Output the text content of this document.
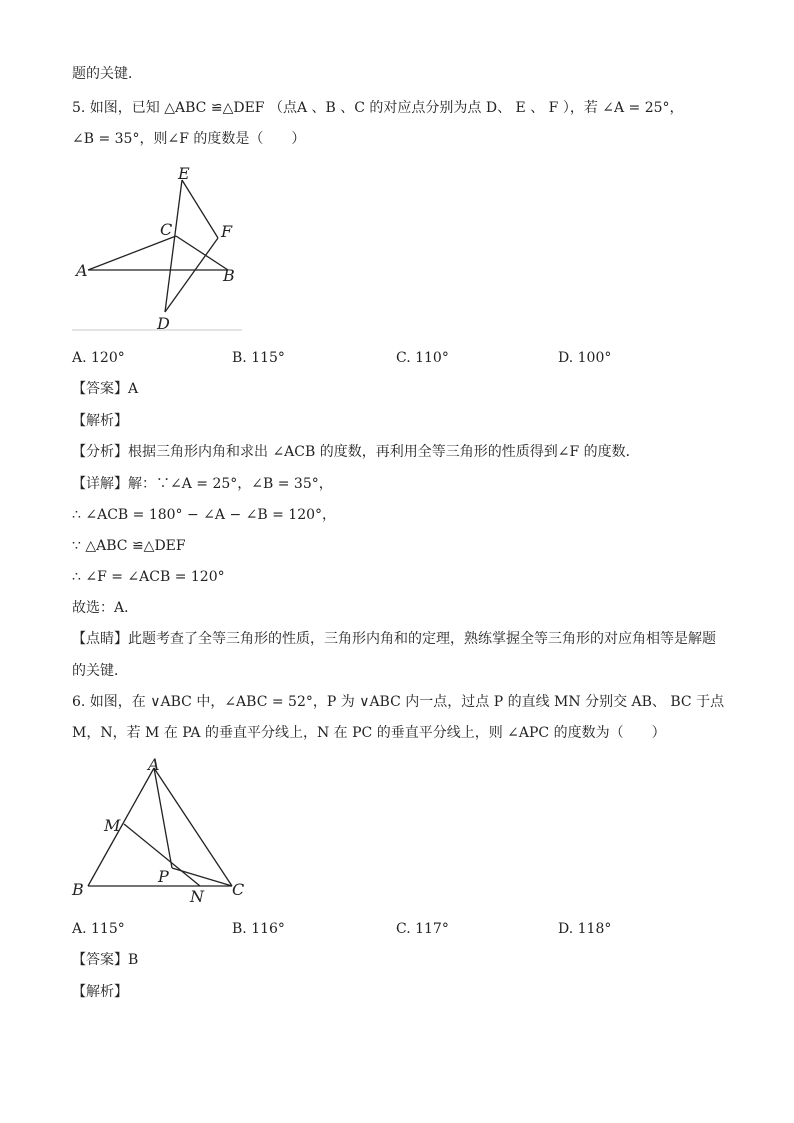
题的关键．
5. 如图，已知 △ABC ≌△DEF （点A 、B 、C 的对应点分别为点 D、 E 、 F ），若 ∠A = 25°，
∠B = 35°，则∠F 的度数是（　　）
E
C	F
A	B
D
A. 120°	B. 115°	C. 110°	D. 100°
【答案】A
【解析】
【分析】根据三角形内角和求出 ∠ACB 的度数，再利用全等三角形的性质得到∠F 的度数．
【详解】解：∵∠A = 25°，∠B = 35°，
∴ ∠ACB = 180° − ∠A − ∠B = 120°，
∵ △ABC ≌△DEF
∴ ∠F = ∠ACB = 120°
故选：A．
【点睛】此题考查了全等三角形的性质，三角形内角和的定理，熟练掌握全等三角形的对应角相等是解题
的关键．
6. 如图，在 ∨ABC 中，∠ABC = 52°，P 为 ∨ABC 内一点，过点 P 的直线 MN 分别交 AB、 BC 于点
M，N，若 M 在 PA 的垂直平分线上，N 在 PC 的垂直平分线上，则 ∠APC 的度数为（　　）
A
M
P
B	N C
A. 115°	B. 116°	C. 117°	D. 118°
【答案】B
【解析】
